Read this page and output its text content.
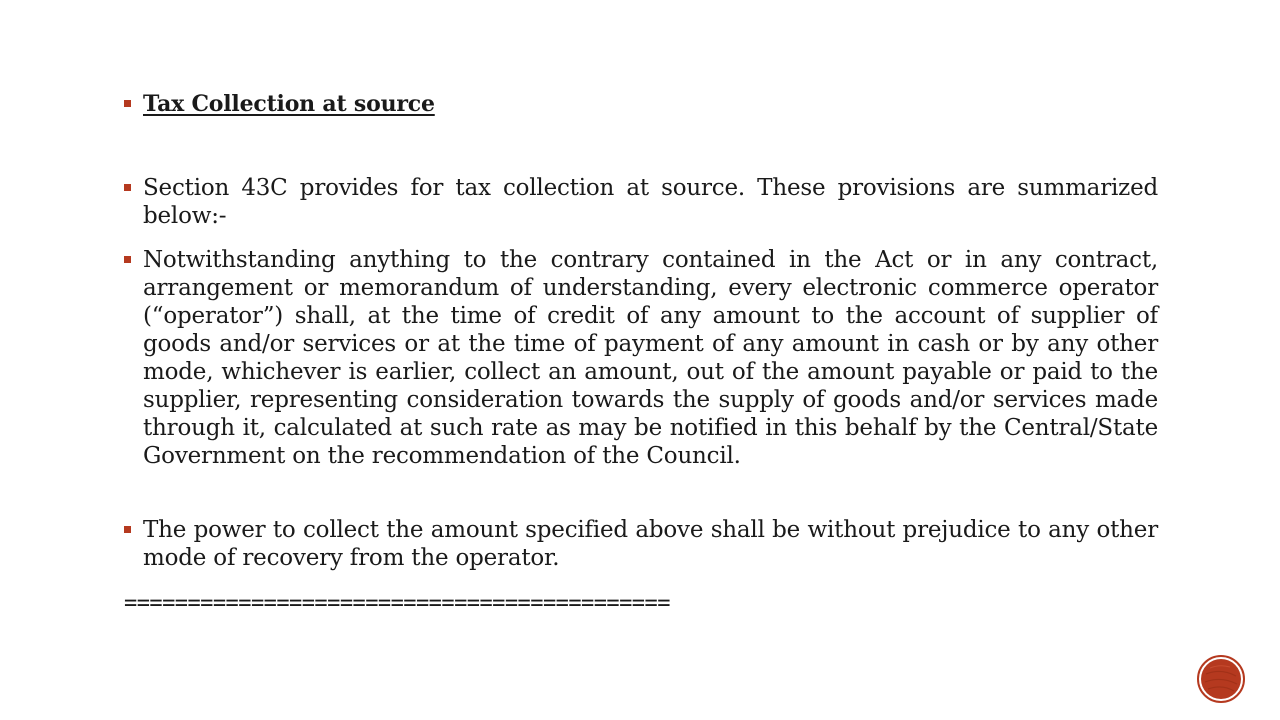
Tax Collection at source
Section 43C provides for tax collection at source. These provisions are summarized below:-
Notwithstanding anything to the contrary contained in the Act or in any contract, arrangement or memorandum of understanding, every electronic commerce operator (“operator”) shall, at the time of credit of any amount to the account of supplier of goods and/or services or at the time of payment of any amount in cash or by any other mode, whichever is earlier, collect an amount, out of the amount payable or paid to the supplier, representing consideration towards the supply of goods and/or services made through it, calculated at such rate as may be notified in this behalf by the Central/State Government on the recommendation of the Council.
The power to collect the amount specified above shall be without prejudice to any other mode of recovery from the operator.
===========================================
